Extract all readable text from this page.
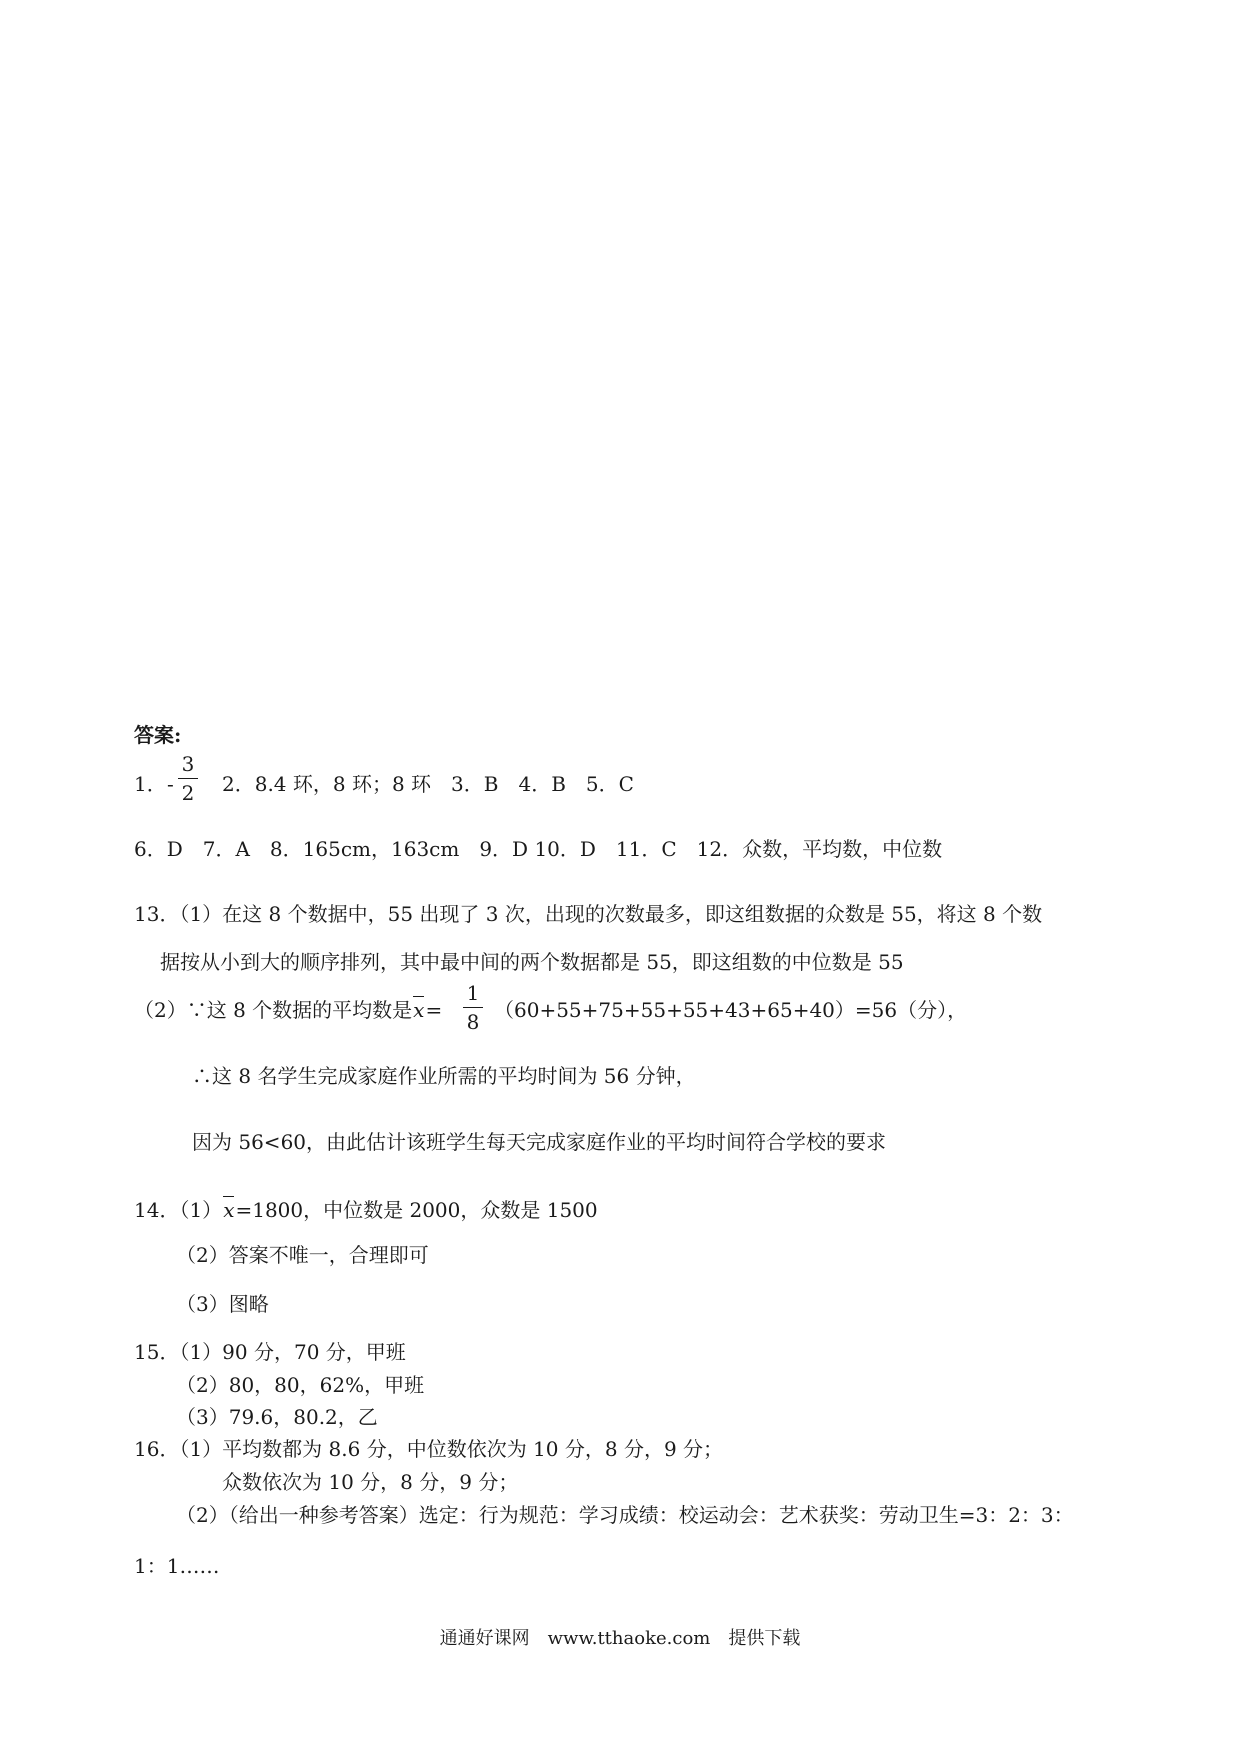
答案:
1． -
3
2 2．8.4 环，8 环；8 环　3．B　4．B　5．C
6．D　7．A　8．165cm，163cm　9．D 10．D　11．C　12．众数，平均数，中位数
13．（1）在这 8 个数据中，55 出现了 3 次，出现的次数最多，即这组数据的众数是 55，将这 8 个数
据按从小到大的顺序排列，其中最中间的两个数据都是 55，即这组数的中位数是 55
（2）∵这 8 个数据的平均数是x=
1
8 （60+55+75+55+55+43+65+40）=56（分），
∴这 8 名学生完成家庭作业所需的平均时间为 56 分钟，
因为 56<60，由此估计该班学生每天完成家庭作业的平均时间符合学校的要求
14．（1）x=1800，中位数是 2000，众数是 1500
（2）答案不唯一，合理即可
（3）图略
15．（1）90 分，70 分，甲班
（2）80，80，62%，甲班
（3）79.6，80.2，乙
16．（1）平均数都为 8.6 分，中位数依次为 10 分，8 分，9 分；
众数依次为 10 分，8 分，9 分；
（2）（给出一种参考答案）选定：行为规范：学习成绩：校运动会：艺术获奖：劳动卫生=3：2：3：
1：1……
通通好课网　www.tthaoke.com　提供下载
